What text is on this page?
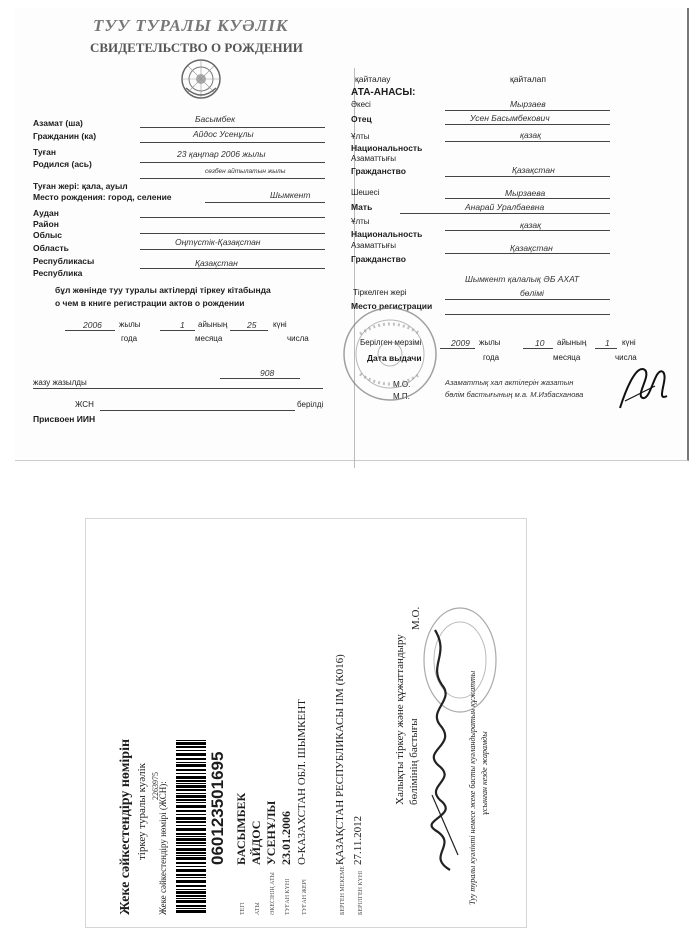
ТУУ ТУРАЛЫ КУӘЛІК
СВИДЕТЕЛЬСТВО О РОЖДЕНИИ
Азамат (ша)	Басымбек
Гражданин (ка)	Айдос Усенұлы
Туған	23 қаңтар 2006 жылы
Родился (ась)
сөзбен айтылатын жылы
Туған жері: қала, ауыл
Место рождения: город, селение	Шымкент
Аудан
Район
Облыс
Область
Оңтүстік-Қазақстан
Республикасы	Қазақстан
Республика
бұл жөнінде туу туралы актілерді тіркеу кітабында
о чем в книге регистрации актов о рождении
2006 жылы
года
1 айының
месяца
25 күні
числа
908
жазу жазылды
ЖСН	берілді
Присвоен ИИН
қайталау	қайталап
АТА-АНАСЫ:
Әкесі	Мырзаев
Отец	Усен Басымбекович
Ұлты	қазақ
Национальность
Азаматтығы
Гражданство	Қазақстан
Шешесі	Мырзаева
Мать	Анарай Уралбаевна
Ұлты	қазақ
Национальность
Азаматтығы	Қазақстан
Гражданство
Шымкент қалалық ӘБ АХАТ
Тіркелген жері	бөлімі
Место регистрации
Берілген мерзімі	2009 жылы	10 айының 1 күні
Дата выдачи	года	месяца	числа
М.О.
М.П.
Азаматтық хал актілерін жазатын
бөлім бастығының м.а. М.Избасханова
Жеке сәйкестендіру нөмірін тіркеу туралы куәлік 2263975
Жеке сәйкестендіру нөмірі (ЖСН): 060123501695
ТЕГІ
БАСЫМБЕК
АТЫ
АЙДОС
ӘКЕСІНІҢ АТЫ
УСЕНҰЛЫ
ТУҒАН КҮНІ
23.01.2006
ТУҒАН ЖЕРІ
О-КАЗАХСТАН ОБЛ. ШЫМКЕНТ
БЕРГЕН МЕКЕМЕ
ҚАЗАҚСТАН РЕСПУБЛИКАСЫ ІІМ (К016)
БЕРІЛГЕН КҮНІ
27.11.2012
Халықты тіркеу және құжаттандыру бөлімінің бастығы
М.О.
Туу туралы куәлікті немесе жеке басты куәландыратын құжатты ұсынған кезде жарамды
